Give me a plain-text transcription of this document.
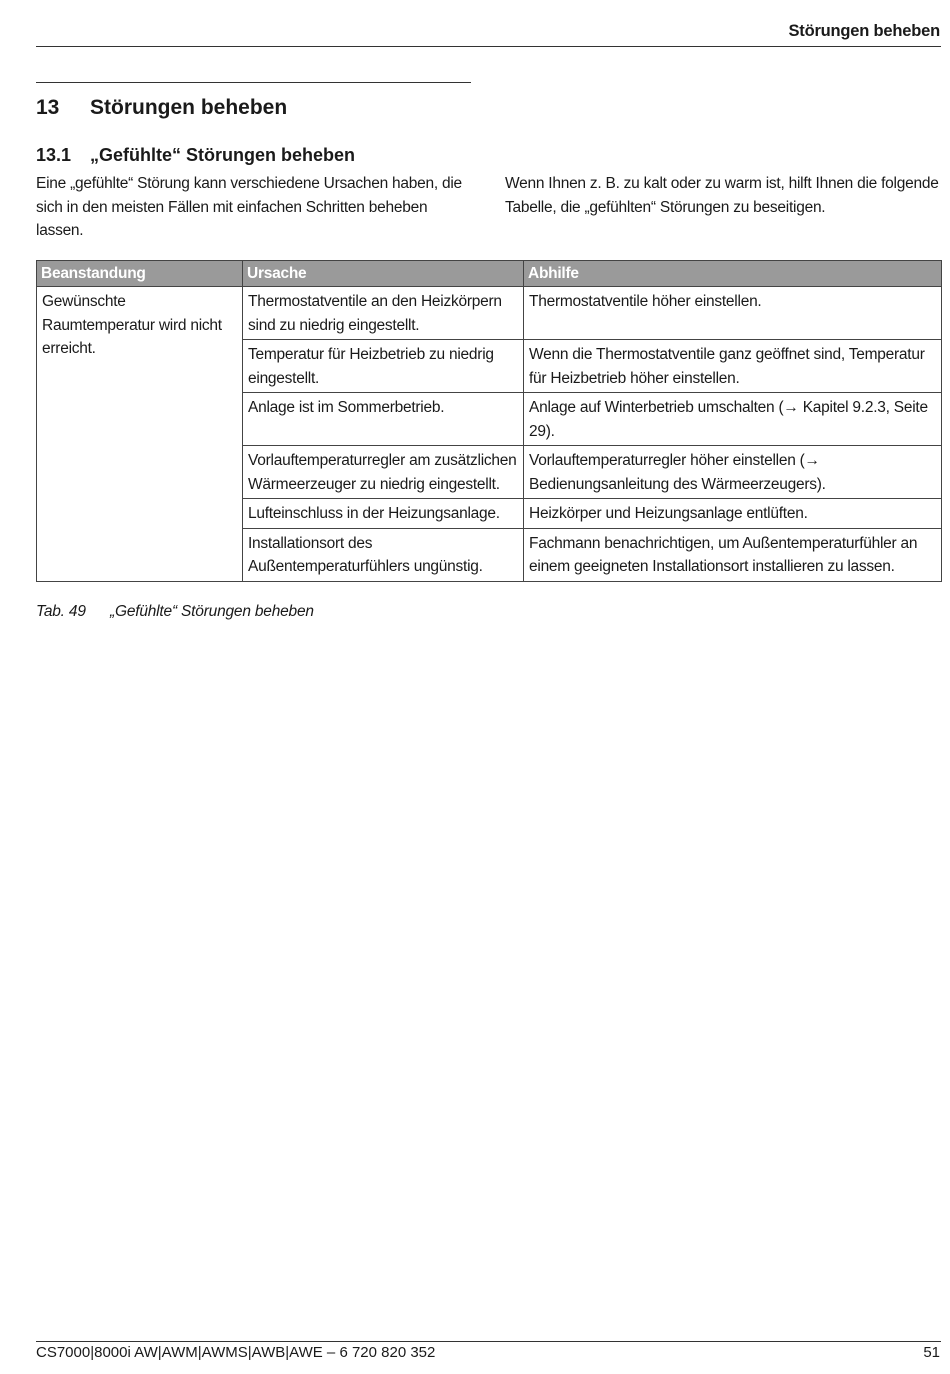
Störungen beheben
13 Störungen beheben
13.1 „Gefühlte“ Störungen beheben
Eine „gefühlte“ Störung kann verschiedene Ursachen haben, die sich in den meisten Fällen mit einfachen Schritten beheben lassen.
Wenn Ihnen z. B. zu kalt oder zu warm ist, hilft Ihnen die folgende Tabelle, die „gefühlten“ Störungen zu beseitigen.
Beanstandung	Ursache	Abhilfe
Gewünschte Raumtemperatur wird nicht erreicht.	Thermostatventile an den Heizkörpern sind zu niedrig eingestellt.	Thermostatventile höher einstellen.
	Temperatur für Heizbetrieb zu niedrig eingestellt.	Wenn die Thermostatventile ganz geöffnet sind, Temperatur für Heizbetrieb höher einstellen.
	Anlage ist im Sommerbetrieb.	Anlage auf Winterbetrieb umschalten (→ Kapitel 9.2.3, Seite 29).
	Vorlauftemperaturregler am zusätzlichen Wärmeerzeuger zu niedrig eingestellt.	Vorlauftemperaturregler höher einstellen (→ Bedienungsanleitung des Wärmeerzeugers).
	Lufteinschluss in der Heizungsanlage.	Heizkörper und Heizungsanlage entlüften.
	Installationsort des Außentemperaturfühlers ungünstig.	Fachmann benachrichtigen, um Außentemperaturfühler an einem geeigneten Installationsort installieren zu lassen.
Tab. 49 „Gefühlte“ Störungen beheben
CS7000|8000i AW|AWM|AWMS|AWB|AWE – 6 720 820 352	51
